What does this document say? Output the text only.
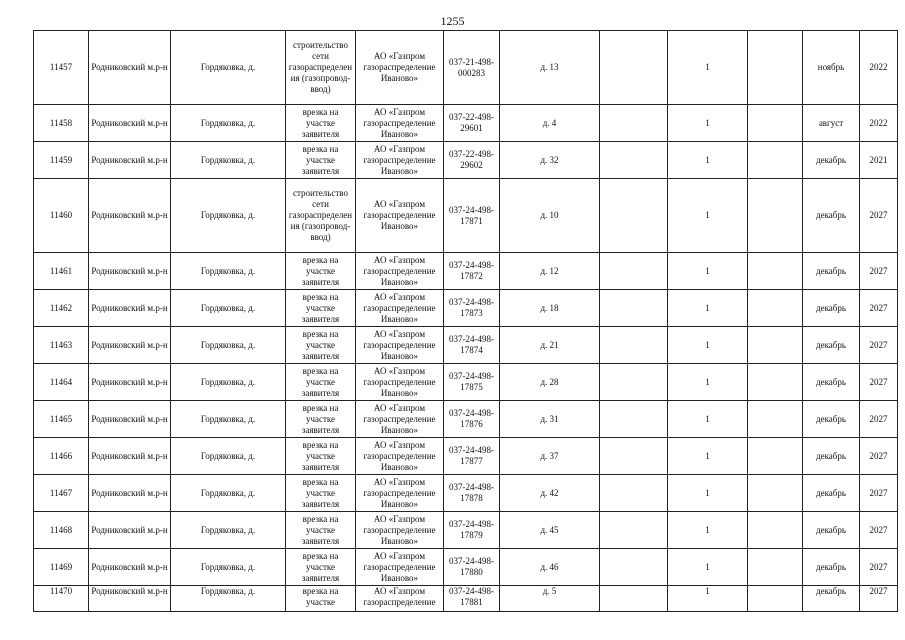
1255
11457	Родниковский м.р-н	Гордяковка, д.	строительство сети газораспределения (газопровод-ввод)	АО «Газпром газораспределение Иваново»	037-21-498-000283	д. 13		1		ноябрь	2022
11458	Родниковский м.р-н	Гордяковка, д.	врезка на участке заявителя	АО «Газпром газораспределение Иваново»	037-22-498-29601	д. 4		1		август	2022
11459	Родниковский м.р-н	Гордяковка, д.	врезка на участке заявителя	АО «Газпром газораспределение Иваново»	037-22-498-29602	д. 32		1		декабрь	2021
11460	Родниковский м.р-н	Гордяковка, д.	строительство сети газораспределения (газопровод-ввод)	АО «Газпром газораспределение Иваново»	037-24-498-17871	д. 10		1		декабрь	2027
11461	Родниковский м.р-н	Гордяковка, д.	врезка на участке заявителя	АО «Газпром газораспределение Иваново»	037-24-498-17872	д. 12		1		декабрь	2027
11462	Родниковский м.р-н	Гордяковка, д.	врезка на участке заявителя	АО «Газпром газораспределение Иваново»	037-24-498-17873	д. 18		1		декабрь	2027
11463	Родниковский м.р-н	Гордяковка, д.	врезка на участке заявителя	АО «Газпром газораспределение Иваново»	037-24-498-17874	д. 21		1		декабрь	2027
11464	Родниковский м.р-н	Гордяковка, д.	врезка на участке заявителя	АО «Газпром газораспределение Иваново»	037-24-498-17875	д. 28		1		декабрь	2027
11465	Родниковский м.р-н	Гордяковка, д.	врезка на участке заявителя	АО «Газпром газораспределение Иваново»	037-24-498-17876	д. 31		1		декабрь	2027
11466	Родниковский м.р-н	Гордяковка, д.	врезка на участке заявителя	АО «Газпром газораспределение Иваново»	037-24-498-17877	д. 37		1		декабрь	2027
11467	Родниковский м.р-н	Гордяковка, д.	врезка на участке заявителя	АО «Газпром газораспределение Иваново»	037-24-498-17878	д. 42		1		декабрь	2027
11468	Родниковский м.р-н	Гордяковка, д.	врезка на участке заявителя	АО «Газпром газораспределение Иваново»	037-24-498-17879	д. 45		1		декабрь	2027
11469	Родниковский м.р-н	Гордяковка, д.	врезка на участке заявителя	АО «Газпром газораспределение Иваново»	037-24-498-17880	д. 46		1		декабрь	2027
11470	Родниковский м.р-н	Гордяковка, д.	врезка на участке	АО «Газпром газораспределение	037-24-498-17881	д. 5		1		декабрь	2027
